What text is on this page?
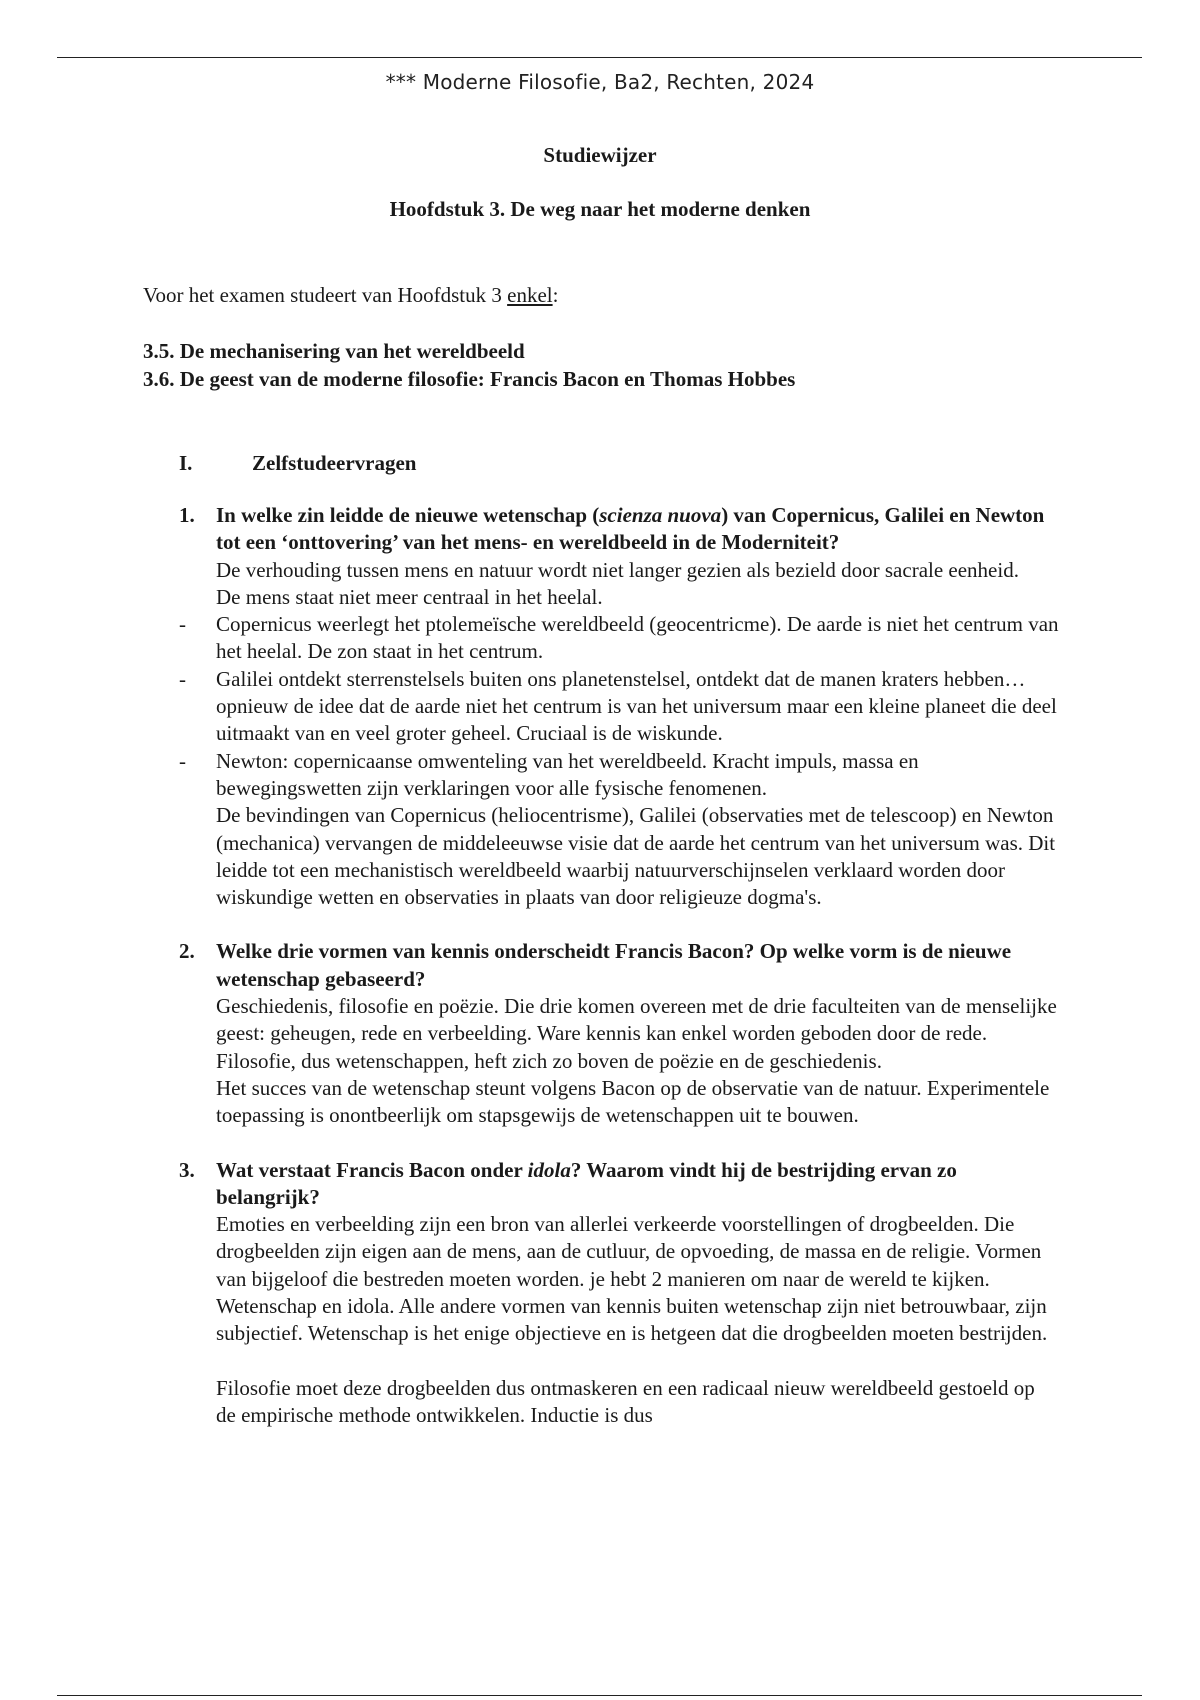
*** Moderne Filosofie, Ba2, Rechten, 2024
Studiewijzer
Hoofdstuk 3. De weg naar het moderne denken
Voor het examen studeert van Hoofdstuk 3 enkel:
3.5. De mechanisering van het wereldbeeld
3.6. De geest van de moderne filosofie: Francis Bacon en Thomas Hobbes
I.	Zelfstudeervragen
1. In welke zin leidde de nieuwe wetenschap (scienza nuova) van Copernicus, Galilei en Newton tot een ‘onttovering’ van het mens- en wereldbeeld in de Moderniteit?

De verhouding tussen mens en natuur wordt niet langer gezien als bezield door sacrale eenheid.

De mens staat niet meer centraal in het heelal.

- Copernicus weerlegt het ptolemeïsche wereldbeeld (geocentricme). De aarde is niet het centrum van het heelal. De zon staat in het centrum.
- Galilei ontdekt sterrenstelsels buiten ons planetenstelsel, ontdekt dat de manen kraters hebben… opnieuw de idee dat de aarde niet het centrum is van het universum maar een kleine planeet die deel uitmaakt van en veel groter geheel. Cruciaal is de wiskunde.
- Newton: copernicaanse omwenteling van het wereldbeeld. Kracht impuls, massa en bewegingswetten zijn verklaringen voor alle fysische fenomenen.

De bevindingen van Copernicus (heliocentrisme), Galilei (observaties met de telescoop) en Newton (mechanica) vervangen de middeleeuwse visie dat de aarde het centrum van het universum was. Dit leidde tot een mechanistisch wereldbeeld waarbij natuurverschijnselen verklaard worden door wiskundige wetten en observaties in plaats van door religieuze dogma's.

2. Welke drie vormen van kennis onderscheidt Francis Bacon? Op welke vorm is de nieuwe wetenschap gebaseerd?

Geschiedenis, filosofie en poëzie. Die drie komen overeen met de drie faculteiten van de menselijke geest: geheugen, rede en verbeelding. Ware kennis kan enkel worden geboden door de rede. Filosofie, dus wetenschappen, heft zich zo boven de poëzie en de geschiedenis.

Het succes van de wetenschap steunt volgens Bacon op de observatie van de natuur. Experimentele toepassing is onontbeerlijk om stapsgewijs de wetenschappen uit te bouwen.

3. Wat verstaat Francis Bacon onder idola? Waarom vindt hij de bestrijding ervan zo belangrijk?

Emoties en verbeelding zijn een bron van allerlei verkeerde voorstellingen of drogbeelden. Die drogbeelden zijn eigen aan de mens, aan de cutluur, de opvoeding, de massa en de religie. Vormen van bijgeloof die bestreden moeten worden. je hebt 2 manieren om naar de wereld te kijken. Wetenschap en idola. Alle andere vormen van kennis buiten wetenschap zijn niet betrouwbaar, zijn subjectief. Wetenschap is het enige objectieve en is hetgeen dat die drogbeelden moeten bestrijden.

Filosofie moet deze drogbeelden dus ontmaskeren en een radicaal nieuw wereldbeeld gestoeld op de empirische methode ontwikkelen. Inductie is dus
